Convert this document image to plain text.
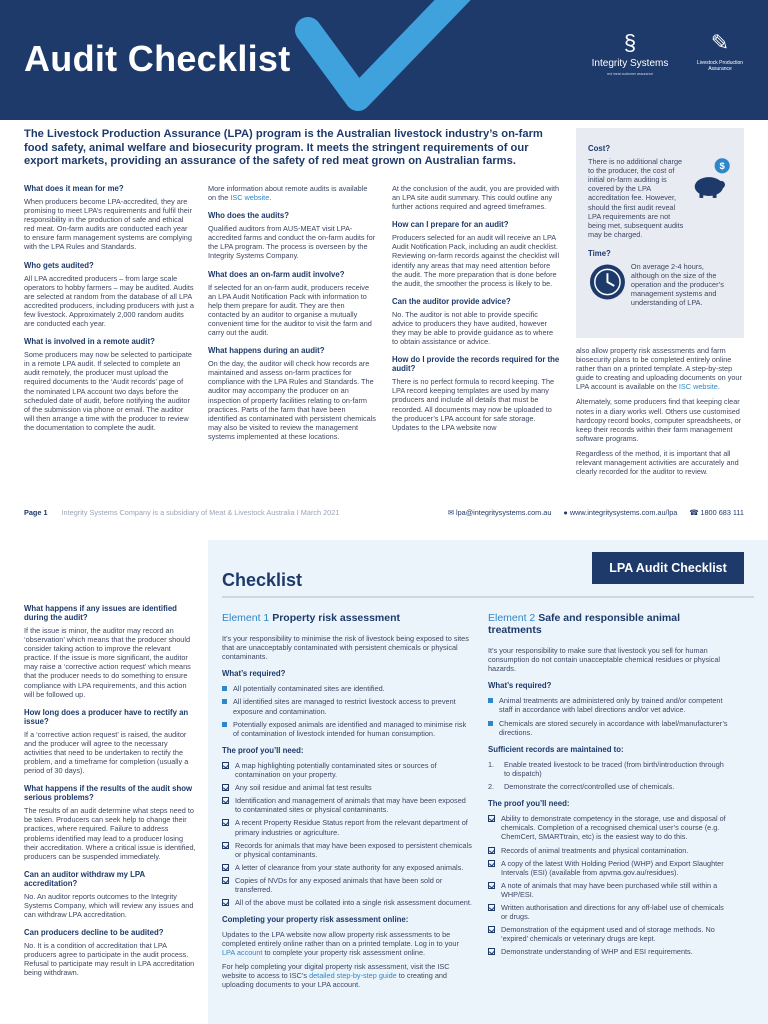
Audit Checklist	§
Integrity Systems
red meat customer assurance
✎
Livestock Production Assurance
The Livestock Production Assurance (LPA) program is the Australian livestock industry’s on-farm food safety, animal welfare and biosecurity program. It meets the stringent requirements of our export markets, providing an assurance of the safety of red meat grown on Australian farms.
What does it mean for me?

When producers become LPA-accredited, they are promising to meet LPA’s requirements and fulfil their responsibility in the production of safe and ethical red meat. On-farm audits are conducted each year to ensure farm management systems are complying with the LPA Rules and Standards.

Who gets audited?

All LPA accredited producers – from large scale operators to hobby farmers – may be audited. Audits are selected at random from the database of all LPA accredited producers, including producers with just a few livestock. Approximately 2,000 random audits are conducted each year.

What is involved in a remote audit?

Some producers may now be selected to participate in a remote LPA audit. If selected to complete an audit remotely, the producer must upload the required documents to the ‘Audit records’ page of the nominated LPA account two days before the scheduled date of audit, before notifying the auditor of the submission via phone or email. The auditor will then arrange a time with the producer to review the documentation to complete the audit.

More information about remote audits is available on the ISC website.

Who does the audits?

Qualified auditors from AUS-MEAT visit LPA-accredited farms and conduct the on-farm audits for the LPA program. The process is overseen by the Integrity Systems Company.

What does an on-farm audit involve?

If selected for an on-farm audit, producers receive an LPA Audit Notification Pack with information to help them prepare for audit. They are then contacted by an auditor to organise a mutually convenient time for the auditor to visit the farm and carry out the audit.

What happens during an audit?

On the day, the auditor will check how records are maintained and assess on-farm practices for compliance with the LPA Rules and Standards. The auditor may accompany the producer on an inspection of property facilities relating to on-farm practices. Parts of the farm that have been identified as contaminated with persistent chemicals may also be visited to review the management systems implemented at these locations.

At the conclusion of the audit, you are provided with an LPA site audit summary. This could outline any further actions required and agreed timeframes.

How can I prepare for an audit?

Producers selected for an audit will receive an LPA Audit Notification Pack, including an audit checklist. Reviewing on-farm records against the checklist will identify any areas that may need attention before the audit. The more preparation that is done before the audit, the smoother the process is likely to be.

Can the auditor provide advice?

No. The auditor is not able to provide specific advice to producers they have audited, however they may be able to provide guidance as to where to obtain assistance or advice.

How do I provide the records required for the audit?

There is no perfect formula to record keeping. The LPA record keeping templates are used by many producers and include all details that must be recorded. All documents may now be uploaded to the producer’s LPA account for safe storage. Updates to the LPA website now

Cost?
There is no additional charge to the producer, the cost of initial on-farm auditing is covered by the LPA accreditation fee. However, should the first audit reveal LPA requirements are not being met, subsequent audits may be charged.
$
Time?
On average 2-4 hours, although on the size of the operation and the producer’s management systems and understanding of LPA.

also allow property risk assessments and farm biosecurity plans to be completed entirely online rather than on a printed template. A step-by-step guide to creating and uploading documents on your LPA account is available on the ISC website.

Alternately, some producers find that keeping clear notes in a diary works well. Others use customised hardcopy record books, computer spreadsheets, or keep their records within their farm management software programs.

Regardless of the method, it is important that all relevant management activities are accurately and clearly recorded for the auditor to review.

Page 1 Integrity Systems Company is a subsidiary of Meat & Livestock Australia I March 2021	✉ lpa@integritysystems.com.au ● www.integritysystems.com.au/lpa ☎ 1800 683 111
What happens if any issues are identified during the audit?

If the issue is minor, the auditor may record an ‘observation’ which means that the producer should consider taking action to improve the relevant practice. If the issue is more significant, the auditor may raise a ‘corrective action request’ which means that the producer needs to do something to ensure compliance with LPA requirements, and this action will be followed up.

How long does a producer have to rectify an issue?

If a ‘corrective action request’ is raised, the auditor and the producer will agree to the necessary activities that need to be undertaken to rectify the problem, and a timeframe for completion (usually a period of 30 days).

What happens if the results of the audit show serious problems?

The results of an audit determine what steps need to be taken. Producers can seek help to change their practices, where required. Failure to address problems identified may lead to a producer losing their accreditation. Where a critical issue is identified, producers can be suspended immediately.

Can an auditor withdraw my LPA accreditation?

No. An auditor reports outcomes to the Integrity Systems Company, which will review any issues and can withdraw LPA accreditation.

Can producers decline to be audited?

No. It is a condition of accreditation that LPA producers agree to participate in the audit process. Refusal to participate may result in LPA accreditation being withdrawn.

LPA Audit Checklist
Checklist
Element 1 Property risk assessment

It’s your responsibility to minimise the risk of livestock being exposed to sites that are unacceptably contaminated with persistent chemicals or physical contaminants.

What’s required?
All potentially contaminated sites are identified.
All identified sites are managed to restrict livestock access to prevent exposure and contamination.
Potentially exposed animals are identified and managed to minimise risk of contamination of livestock intended for human consumption.
The proof you’ll need:
A map highlighting potentially contaminated sites or sources of contamination on your property.
Any soil residue and animal fat test results
Identification and management of animals that may have been exposed to contaminated sites or physical contaminants.
A recent Property Residue Status report from the relevant department of primary industries or agriculture.
Records for animals that may have been exposed to persistent chemicals or physical contaminants.
A letter of clearance from your state authority for any exposed animals.
Copies of NVDs for any exposed animals that have been sold or transferred.
All of the above must be collated into a single risk assessment document.
Completing your property risk assessment online:

Updates to the LPA website now allow property risk assessments to be completed entirely online rather than on a printed template. Log in to your LPA account to complete your property risk assessment online.

For help completing your digital property risk assessment, visit the ISC website to access to ISC’s detailed step-by-step guide to creating and uploading documents to your LPA account.

Element 2 Safe and responsible animal treatments

It’s your responsibility to make sure that livestock you sell for human consumption do not contain unacceptable chemical residues or physical hazards.

What’s required?
Animal treatments are administered only by trained and/or competent staff in accordance with label directions and/or vet advice.
Chemicals are stored securely in accordance with label/manufacturer’s directions.
Sufficient records are maintained to:
1.	Enable treated livestock to be traced (from birth/introduction through to dispatch)
2.	Demonstrate the correct/controlled use of chemicals.
The proof you’ll need:
Ability to demonstrate competency in the storage, use and disposal of chemicals. Completion of a recognised chemical user’s course (e.g. ChemCert, SMARTtrain, etc) is the easiest way to do this.
Records of animal treatments and physical contamination.
A copy of the latest With Holding Period (WHP) and Export Slaughter Intervals (ESI) (available from apvma.gov.au/residues).
A note of animals that may have been purchased while still within a WHP/ESI.
Written authorisation and directions for any off-label use of chemicals or drugs.
Demonstration of the equipment used and of storage methods. No ‘expired’ chemicals or veterinary drugs are kept.
Demonstrate understanding of WHP and ESI requirements.
